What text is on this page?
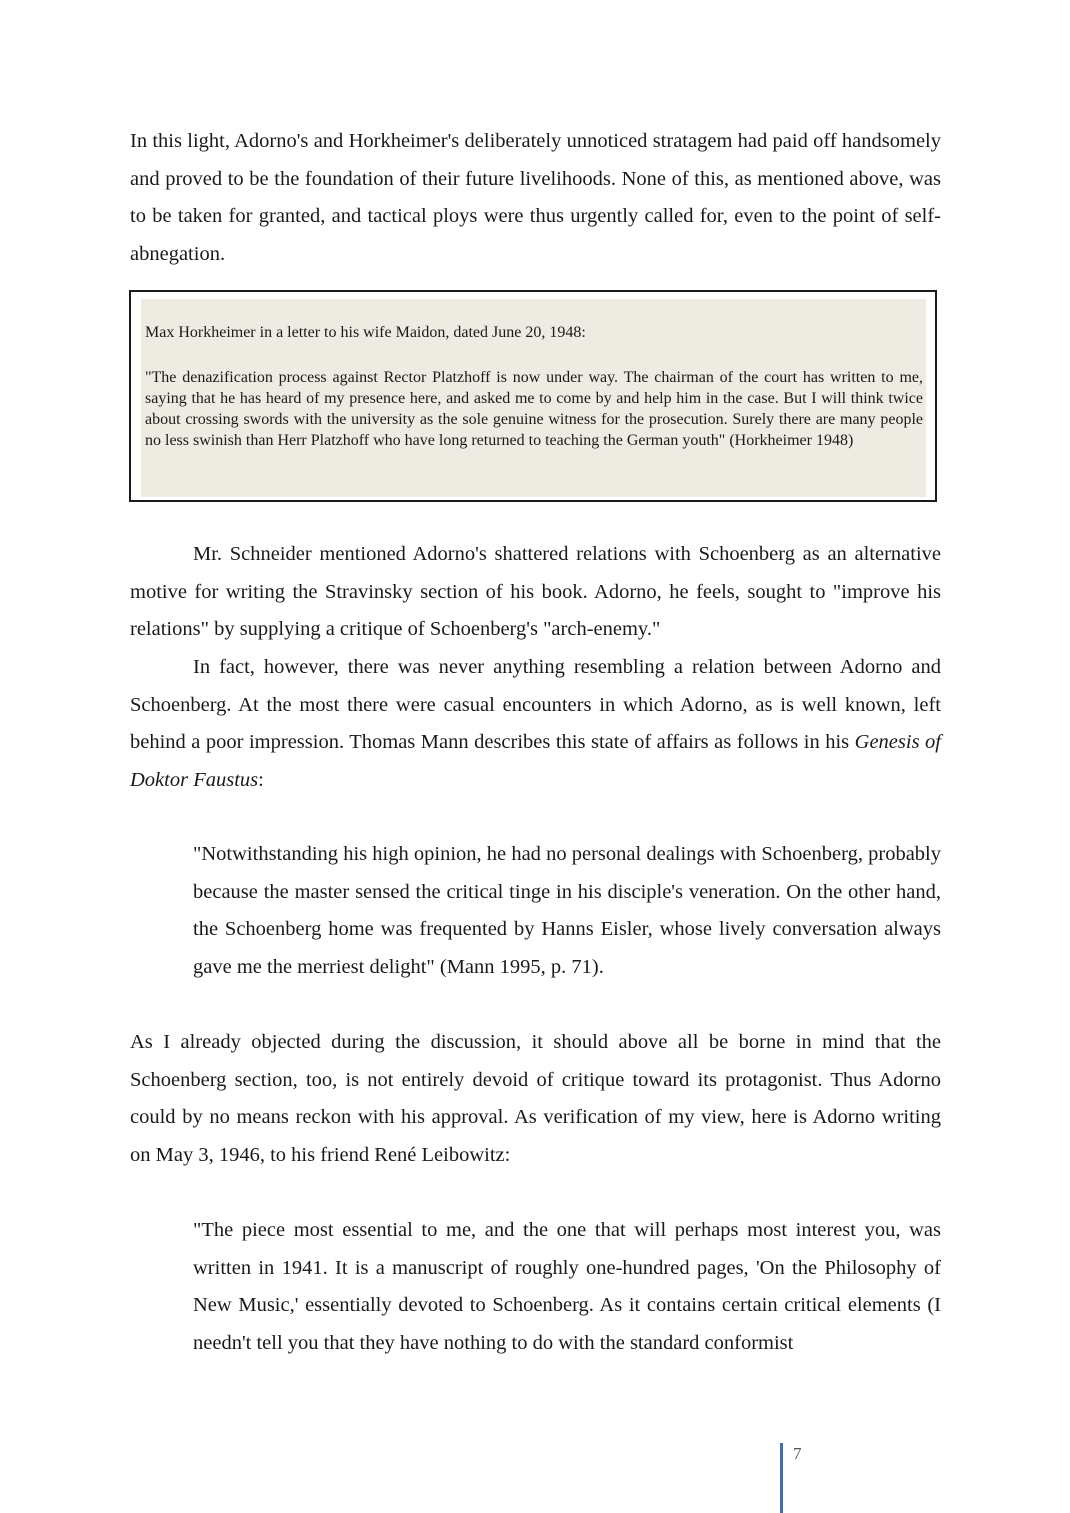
In this light, Adorno's and Horkheimer's deliberately unnoticed stratagem had paid off handsomely and proved to be the foundation of their future livelihoods. None of this, as mentioned above, was to be taken for granted, and tactical ploys were thus urgently called for, even to the point of self-abnegation.

Max Horkheimer in a letter to his wife Maidon, dated June 20, 1948:

"The denazification process against Rector Platzhoff is now under way. The chairman of the court has written to me, saying that he has heard of my presence here, and asked me to come by and help him in the case. But I will think twice about crossing swords with the university as the sole genuine witness for the prosecution. Surely there are many people no less swinish than Herr Platzhoff who have long returned to teaching the German youth" (Horkheimer 1948)

Mr. Schneider mentioned Adorno's shattered relations with Schoenberg as an alternative motive for writing the Stravinsky section of his book. Adorno, he feels, sought to "improve his relations" by supplying a critique of Schoenberg's "arch-enemy."

In fact, however, there was never anything resembling a relation between Adorno and Schoenberg. At the most there were casual encounters in which Adorno, as is well known, left behind a poor impression. Thomas Mann describes this state of affairs as follows in his Genesis of Doktor Faustus:

"Notwithstanding his high opinion, he had no personal dealings with Schoenberg, probably because the master sensed the critical tinge in his disciple's veneration. On the other hand, the Schoenberg home was frequented by Hanns Eisler, whose lively conversation always gave me the merriest delight" (Mann 1995, p. 71).

As I already objected during the discussion, it should above all be borne in mind that the Schoenberg section, too, is not entirely devoid of critique toward its protagonist. Thus Adorno could by no means reckon with his approval. As verification of my view, here is Adorno writing on May 3, 1946, to his friend René Leibowitz:

"The piece most essential to me, and the one that will perhaps most interest you, was written in 1941. It is a manuscript of roughly one-hundred pages, 'On the Philosophy of New Music,' essentially devoted to Schoenberg. As it contains certain critical elements (I needn't tell you that they have nothing to do with the standard conformist

7
